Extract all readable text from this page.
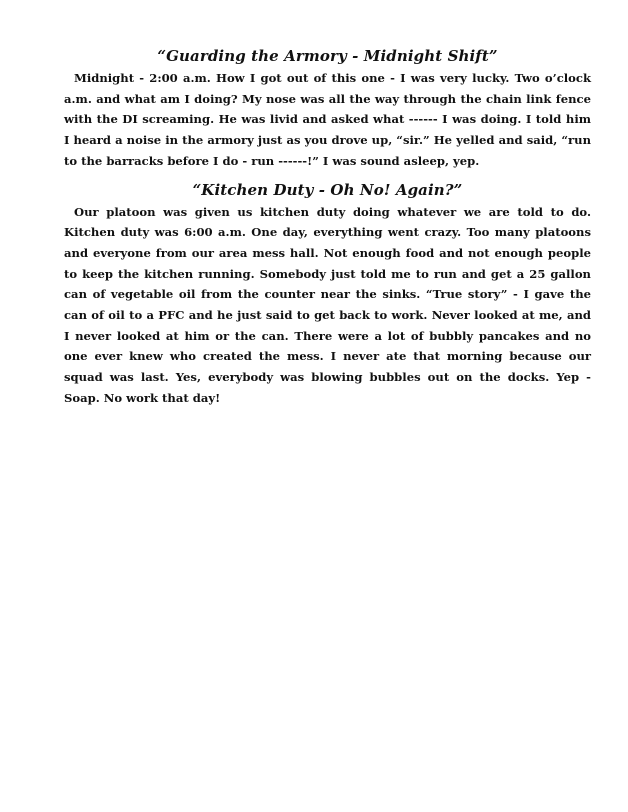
“Guarding the Armory - Midnight Shift”

Midnight - 2:00 a.m. How I got out of this one - I was very lucky. Two o’clock a.m. and what am I doing? My nose was all the way through the chain link fence with the DI screaming. He was livid and asked what ------ I was doing. I told him I heard a noise in the armory just as you drove up, “sir.” He yelled and said, “run to the barracks before I do - run ------!” I was sound asleep, yep.

“Kitchen Duty - Oh No! Again?”

Our platoon was given us kitchen duty doing whatever we are told to do. Kitchen duty was 6:00 a.m. One day, everything went crazy. Too many platoons and everyone from our area mess hall. Not enough food and not enough people to keep the kitchen running. Somebody just told me to run and get a 25 gallon can of vegetable oil from the counter near the sinks. “True story” - I gave the can of oil to a PFC and he just said to get back to work. Never looked at me, and I never looked at him or the can. There were a lot of bubbly pancakes and no one ever knew who created the mess. I never ate that morning because our squad was last. Yes, everybody was blowing bubbles out on the docks. Yep - Soap. No work that day!
